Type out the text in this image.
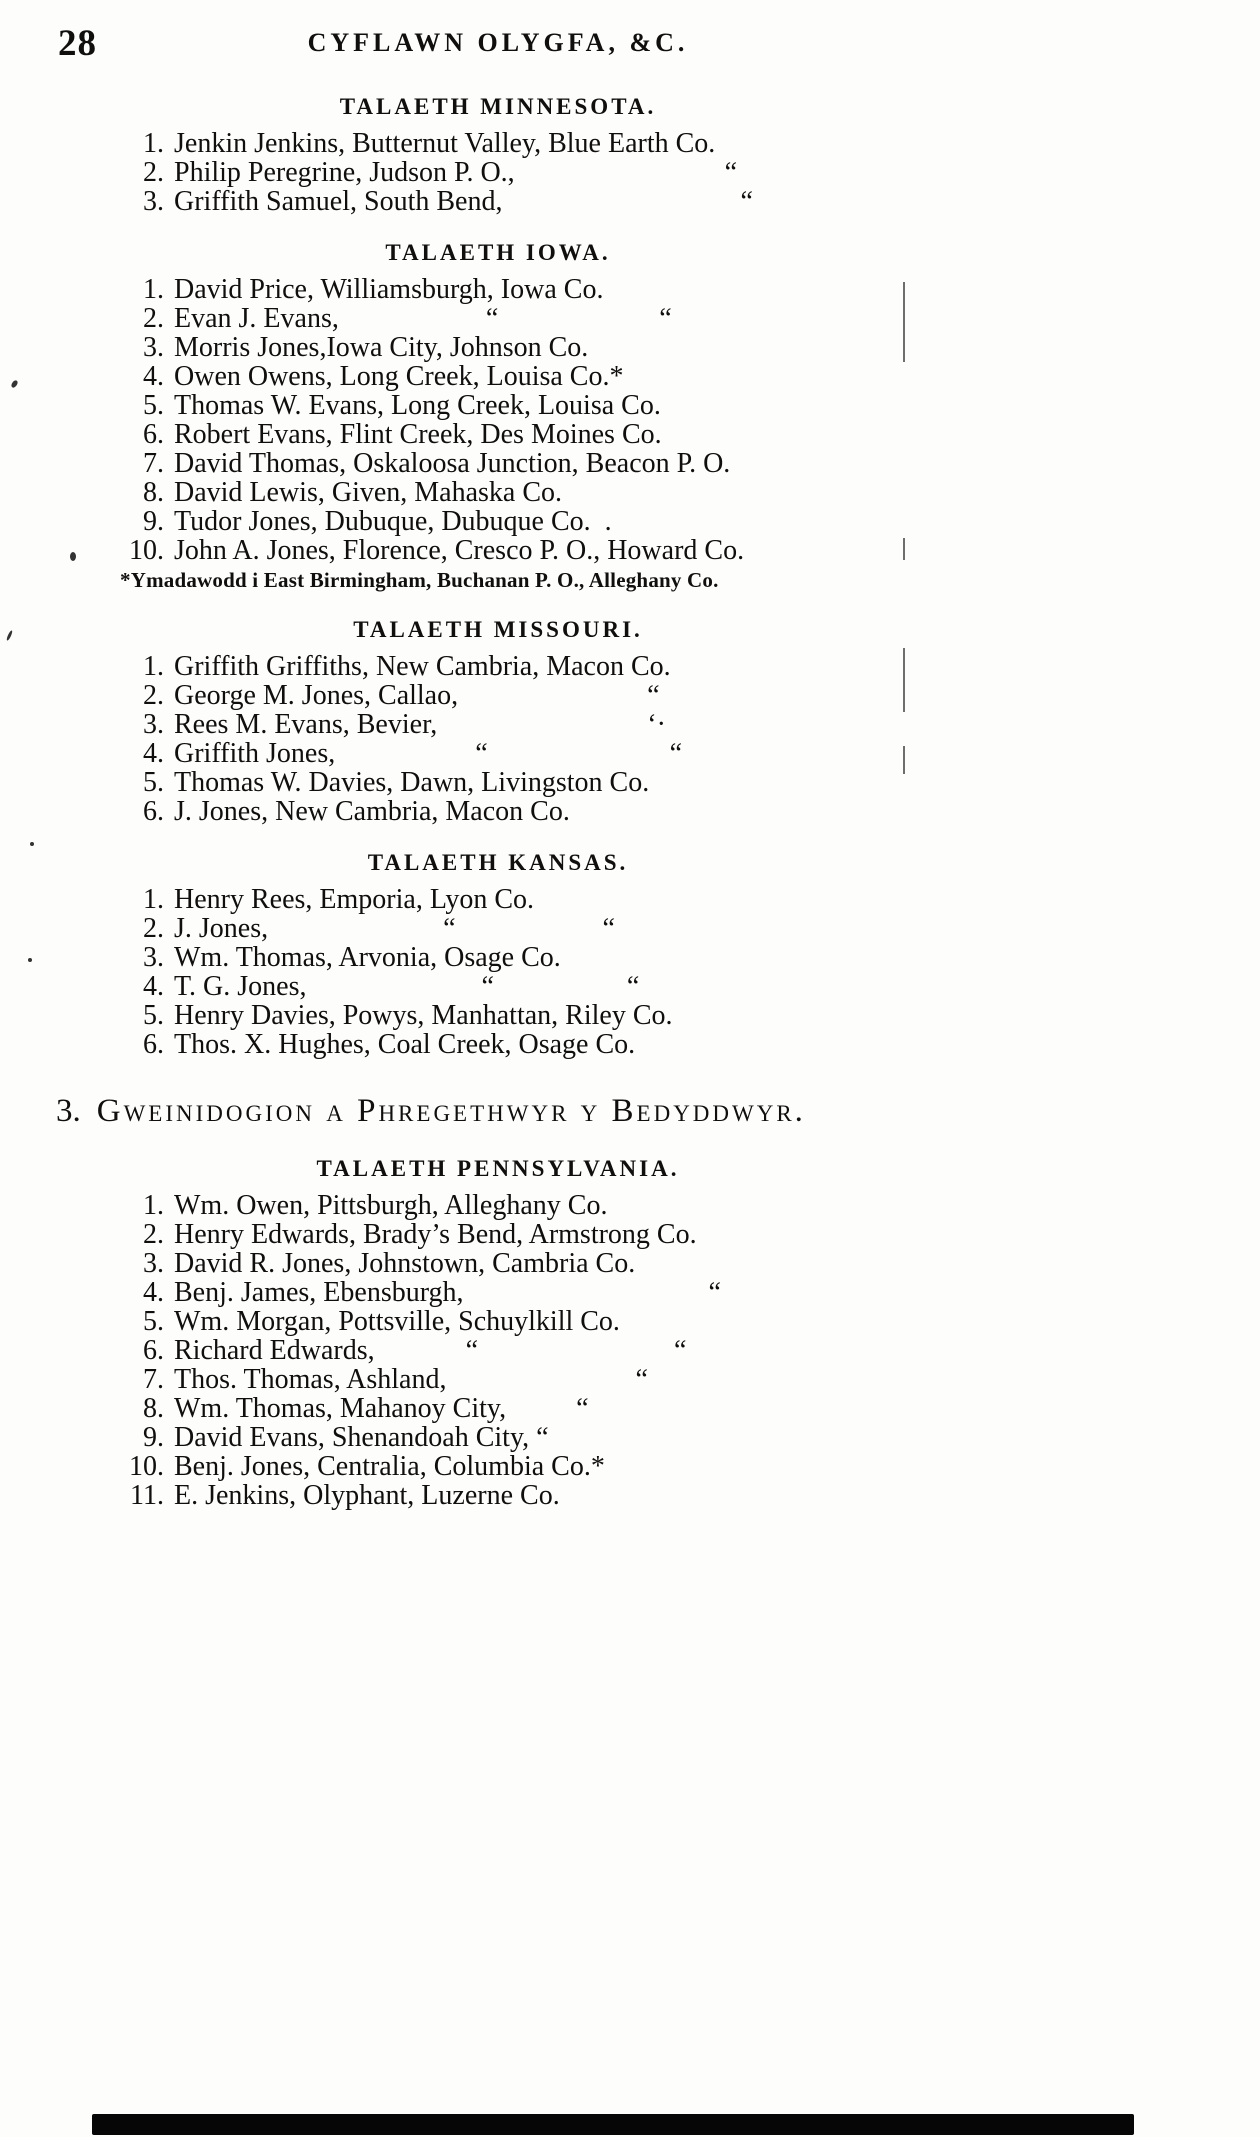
28	CYFLAWN OLYGFA, &C.
TALAETH MINNESOTA.
1. Jenkin Jenkins, Butternut Valley, Blue Earth Co.
2. Philip Peregrine, Judson P. O.,                              “
3. Griffith Samuel, South Bend,                                  “
TALAETH IOWA.
1. David Price, Williamsburgh, Iowa Co.
2. Evan J. Evans,                     “                       “
3. Morris Jones,Iowa City, Johnson Co.
4. Owen Owens, Long Creek, Louisa Co.*
5. Thomas W. Evans, Long Creek, Louisa Co.
6. Robert Evans, Flint Creek, Des Moines Co.
7. David Thomas, Oskaloosa Junction, Beacon P. O.
8. David Lewis, Given, Mahaska Co.
9. Tudor Jones, Dubuque, Dubuque Co.  .
10. John A. Jones, Florence, Cresco P. O., Howard Co.

*Ymadawodd i East Birmingham, Buchanan P. O., Alleghany Co.

TALAETH MISSOURI.
1. Griffith Griffiths, New Cambria, Macon Co.
2. George M. Jones, Callao,                           “
3. Rees M. Evans, Bevier,                              ‘·
4. Griffith Jones,                    “                          “
5. Thomas W. Davies, Dawn, Livingston Co.
6. J. Jones, New Cambria, Macon Co.
TALAETH KANSAS.
1. Henry Rees, Emporia, Lyon Co.
2. J. Jones,                         “                     “
3. Wm. Thomas, Arvonia, Osage Co.
4. T. G. Jones,                         “                   “
5. Henry Davies, Powys, Manhattan, Riley Co.
6. Thos. X. Hughes, Coal Creek, Osage Co.
3. Gweinidogion a Phregethwyr y Bedyddwyr.
TALAETH PENNSYLVANIA.
1. Wm. Owen, Pittsburgh, Alleghany Co.
2. Henry Edwards, Brady’s Bend, Armstrong Co.
3. David R. Jones, Johnstown, Cambria Co.
4. Benj. James, Ebensburgh,                                   “
5. Wm. Morgan, Pottsville, Schuylkill Co.
6. Richard Edwards,             “                            “
7. Thos. Thomas, Ashland,                           “
8. Wm. Thomas, Mahanoy City,          “
9. David Evans, Shenandoah City, “
10. Benj. Jones, Centralia, Columbia Co.*
11. E. Jenkins, Olyphant, Luzerne Co.
